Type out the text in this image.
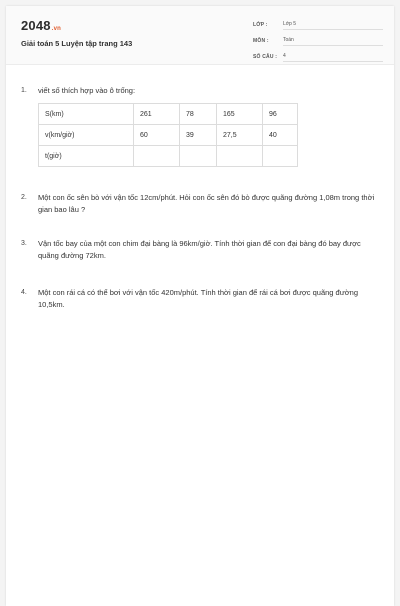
2048.vn
Giải toán 5 Luyện tập trang 143
LỚP :	Lớp 5
MÔN :	Toán
SỐ CÂU : 4
1. viết số thích hợp vào ô trống:
S(km)	261	78	165	96
v(km/giờ)	60	39	27,5	40
t(giờ)				
2. Một con ốc sên bò với vận tốc 12cm/phút. Hỏi con ốc sên đó bò được quãng đường 1,08m trong thời gian bao lâu ?
3. Vận tốc bay của một con chim đại bàng là 96km/giờ. Tính thời gian để con đại bàng đó bay được quãng đường 72km.
4. Một con rái cá có thể bơi với vận tốc 420m/phút. Tính thời gian để rái cá bơi được quãng đường 10,5km.
